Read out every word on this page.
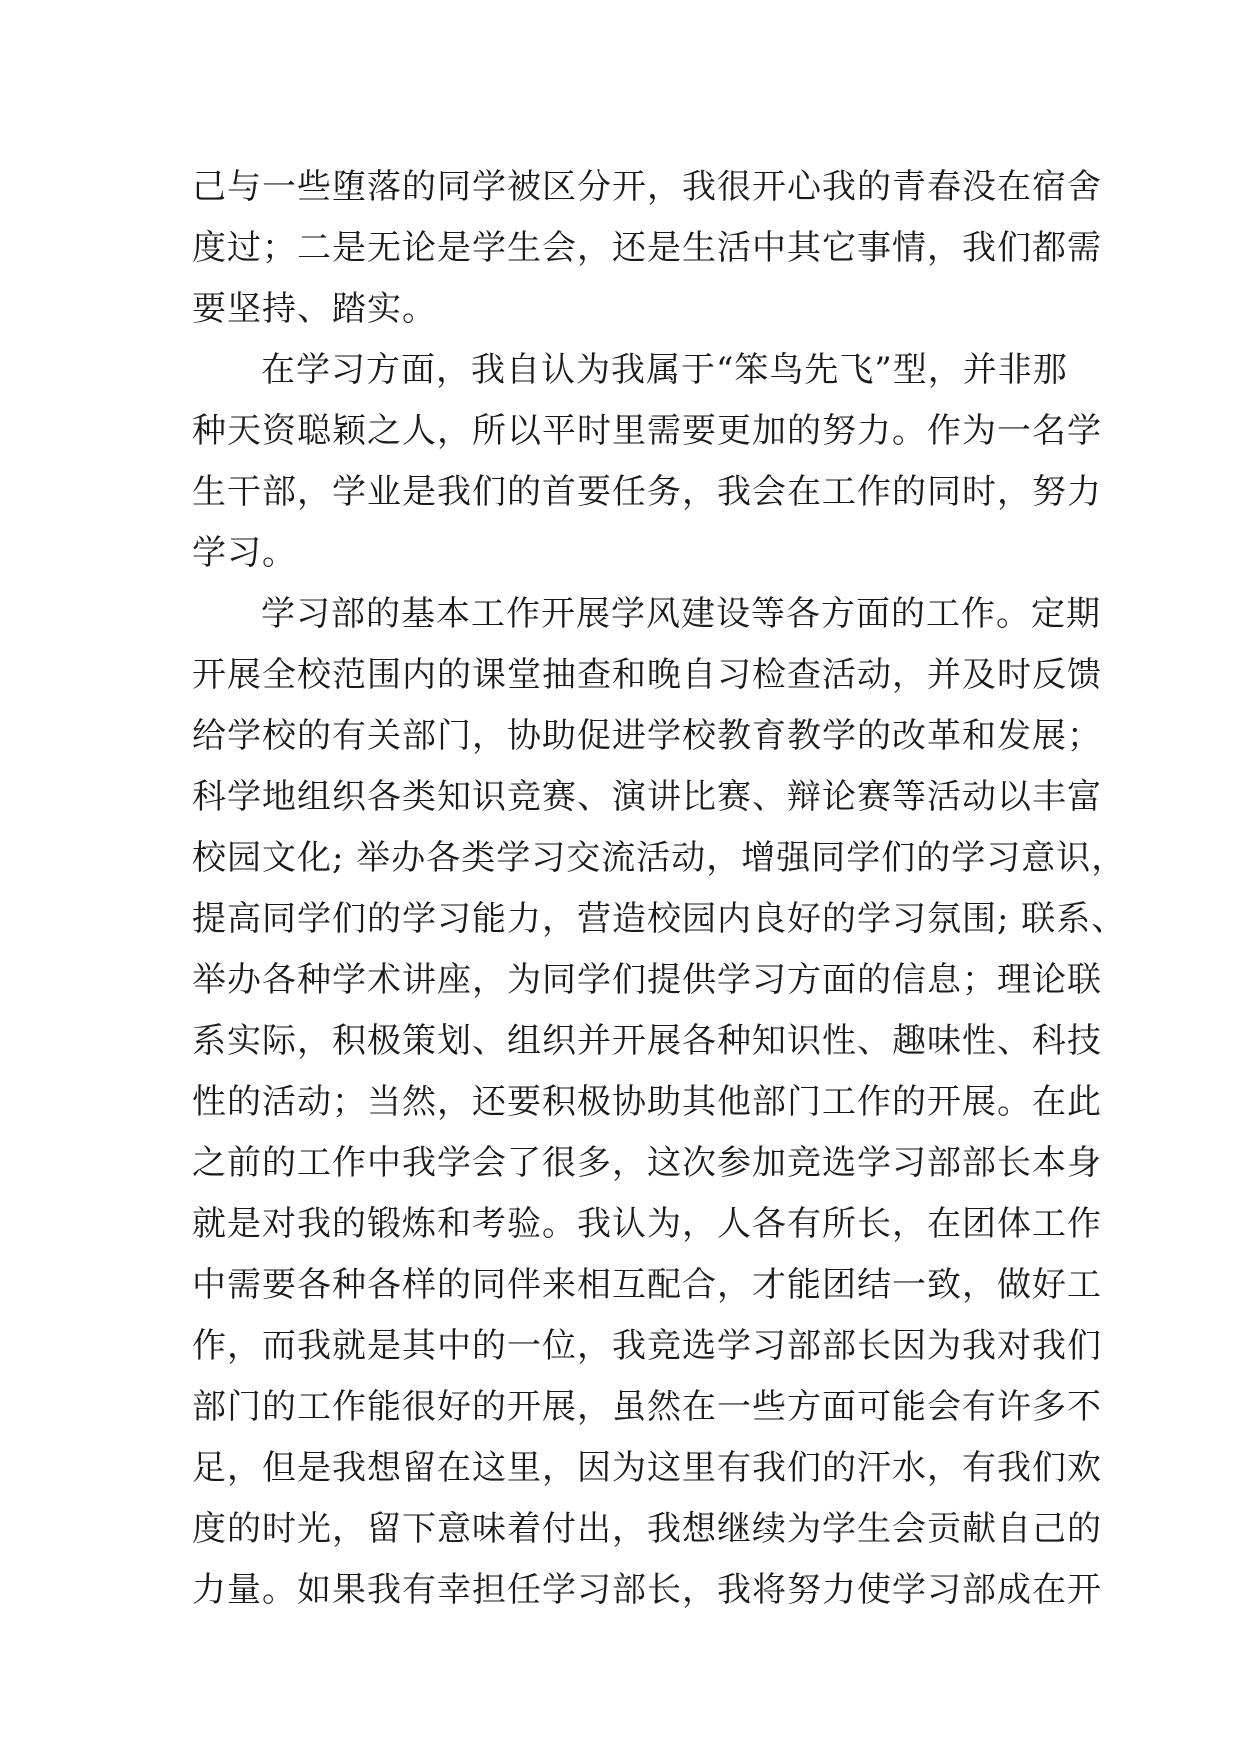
己与一些堕落的同学被区分开，我很开心我的青春没在宿舍
度过；二是无论是学生会，还是生活中其它事情，我们都需
要坚持、踏实。
在学习方面，我自认为我属于“笨鸟先飞”型，并非那
种天资聪颖之人，所以平时里需要更加的努力。作为一名学
生干部，学业是我们的首要任务，我会在工作的同时，努力
学习。
学习部的基本工作开展学风建设等各方面的工作。定期
开展全校范围内的课堂抽查和晚自习检查活动，并及时反馈
给学校的有关部门，协助促进学校教育教学的改革和发展；
科学地组织各类知识竞赛、演讲比赛、辩论赛等活动以丰富
校园文化; 举办各类学习交流活动，增强同学们的学习意识，
提高同学们的学习能力，营造校园内良好的学习氛围; 联系、
举办各种学术讲座，为同学们提供学习方面的信息；理论联
系实际，积极策划、组织并开展各种知识性、趣味性、科技
性的活动；当然，还要积极协助其他部门工作的开展。在此
之前的工作中我学会了很多，这次参加竞选学习部部长本身
就是对我的锻炼和考验。我认为，人各有所长，在团体工作
中需要各种各样的同伴来相互配合，才能团结一致，做好工
作，而我就是其中的一位，我竞选学习部部长因为我对我们
部门的工作能很好的开展，虽然在一些方面可能会有许多不
足，但是我想留在这里，因为这里有我们的汗水，有我们欢
度的时光，留下意味着付出，我想继续为学生会贡献自己的
力量。如果我有幸担任学习部长，我将努力使学习部成在开
